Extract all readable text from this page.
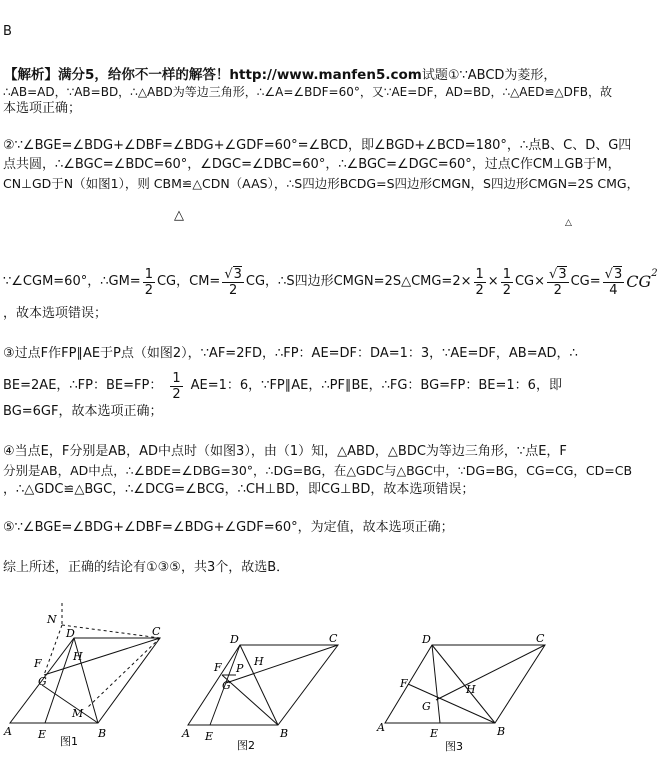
B
【解析】满分5，给你不一样的解答！http://www.manfen5.com试题①∵ABCD为菱形，
∴AB=AD，∵AB=BD，∴△ABD为等边三角形，∴∠A=∠BDF=60°，又∵AE=DF，AD=BD，∴△AED≌△DFB，故
本选项正确；
②∵∠BGE=∠BDG+∠DBF=∠BDG+∠GDF=60°=∠BCD，即∠BGD+∠BCD=180°，∴点B、C、D、G四
点共圆，∴∠BGC=∠BDC=60°，∠DGC=∠DBC=60°，∴∠BGC=∠DGC=60°，过点C作CM⊥GB于M，
CN⊥GD于N（如图1），则 CBM≌△CDN（AAS），∴S四边形BCDG=S四边形CMGN，S四边形CMGN=2S CMG，
△	△
∵∠CGM=60°，∴GM= $\frac{1}{2}$ CG，$CM= \frac{√3}{2}$ CG，∴S四边形CMGN=2S△CMG=2× $\frac{1}{2} \times \frac{1}{2} CG\times \frac{√3}{2} CG= \frac{√3}{4} CG^2$
，故本选项错误；
③过点F作FP∥AE于P点（如图2），∵AF=2FD，∴FP：AE=DF：DA=1：3，∵AE=DF，AB=AD，∴
BE=2AE，∴FP：BE=FP： $\frac{1}{2} AE=1$：6，∵FP∥AE，∴PF∥BE，∴FG：BG=FP：BE=1：6，即
BG=6GF，故本选项正确；
④当点E，F分别是AB，AD中点时（如图3），由（1）知，△ABD，△BDC为等边三角形，∵点E，F
分别是AB，AD中点，∴∠BDE=∠DBG=30°，∴DG=BG，在△GDC与△BGC中，∵DG=BG，CG=CG，CD=CB
，∴△GDC≌△BGC，∴∠DCG=∠BCG，∴CH⊥BD，即CG⊥BD，故本选项错误；
⑤∵∠BGE=∠BDG+∠DBF=∠BDG+∠GDF=60°，为定值，故本选项正确；
综上所述，正确的结论有①③⑤，共3个，故选B．
N
C
D
H
F
G
M
A E	B
图1
D	C
P
H
F
G
A E	B
图2
D	C
F	H
G
A	E	B
图3
